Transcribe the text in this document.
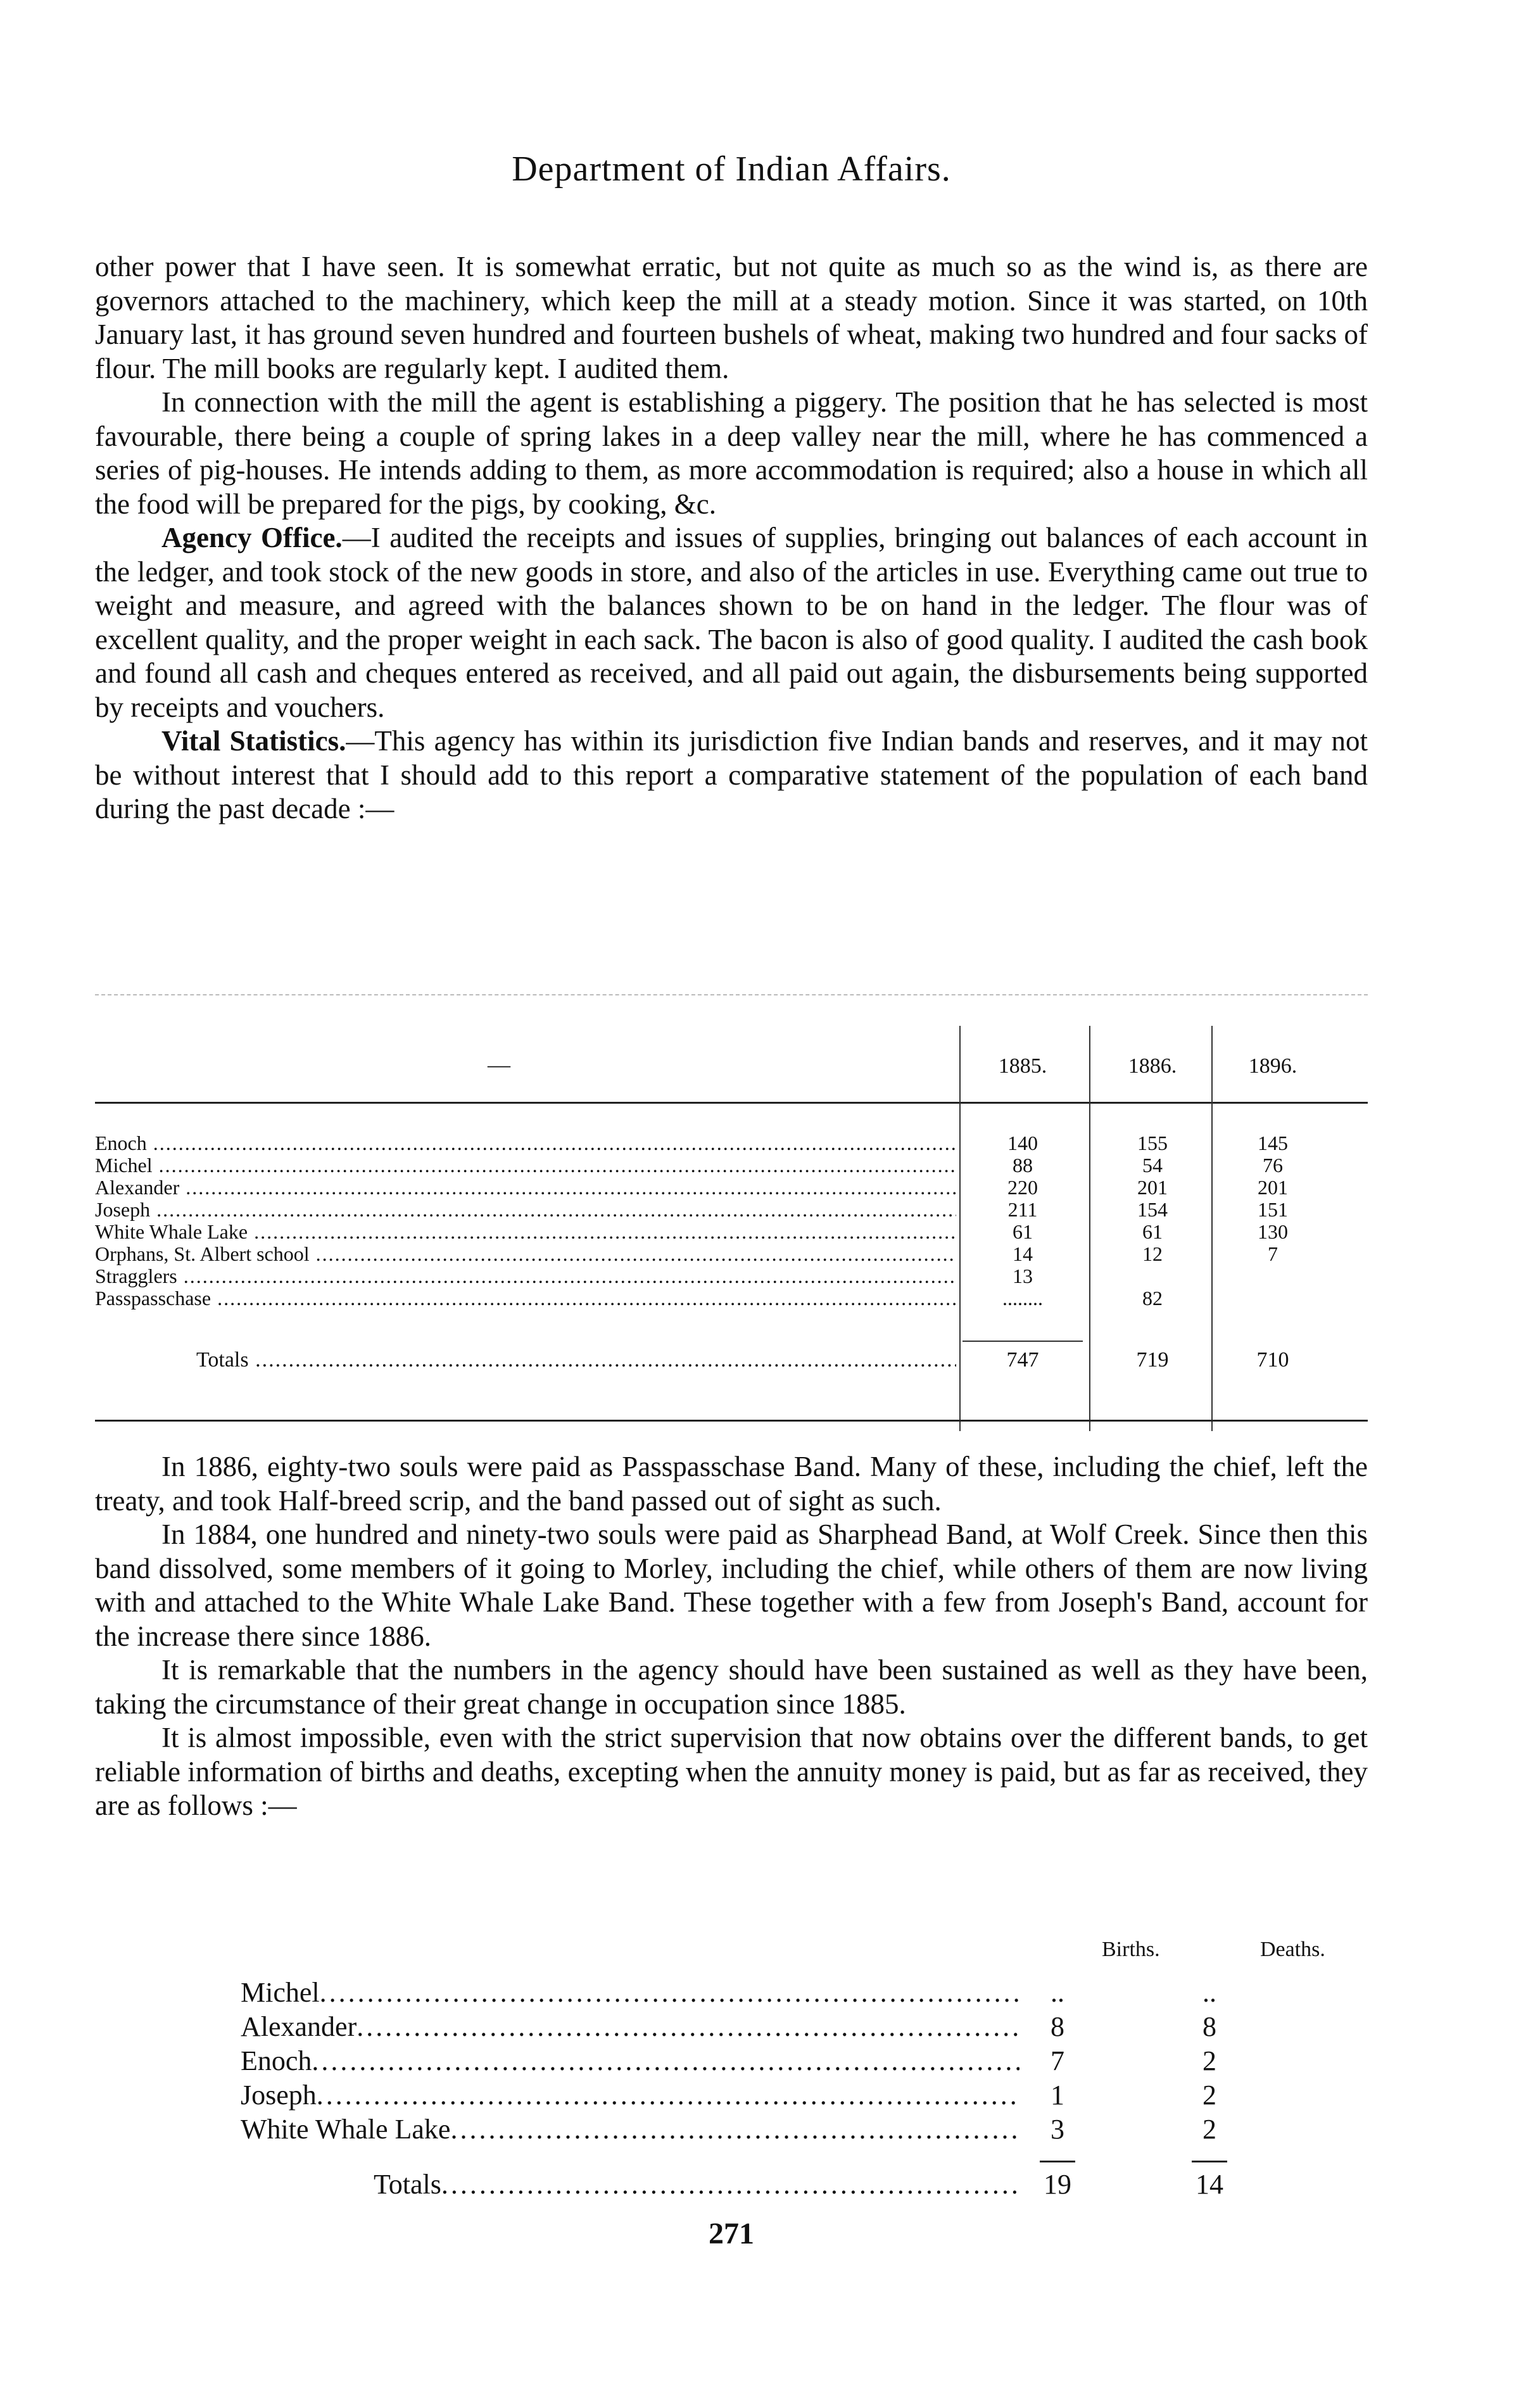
Department of Indian Affairs.

other power that I have seen. It is somewhat erratic, but not quite as much so as the wind is, as there are governors attached to the machinery, which keep the mill at a steady motion. Since it was started, on 10th January last, it has ground seven hundred and fourteen bushels of wheat, making two hundred and four sacks of flour. The mill books are regularly kept. I audited them.

In connection with the mill the agent is establishing a piggery. The position that he has selected is most favourable, there being a couple of spring lakes in a deep valley near the mill, where he has commenced a series of pig-houses. He intends adding to them, as more accommodation is required; also a house in which all the food will be prepared for the pigs, by cooking, &c.

Agency Office.—I audited the receipts and issues of supplies, bringing out balances of each account in the ledger, and took stock of the new goods in store, and also of the articles in use. Everything came out true to weight and measure, and agreed with the balances shown to be on hand in the ledger. The flour was of excellent quality, and the proper weight in each sack. The bacon is also of good quality. I audited the cash book and found all cash and cheques entered as received, and all paid out again, the disbursements being supported by receipts and vouchers.

Vital Statistics.—This agency has within its jurisdiction five Indian bands and reserves, and it may not be without interest that I should add to this report a comparative statement of the population of each band during the past decade :—

—	1885.	1886.	1896.
Enoch .....	140	155	145
Michel .....	88	54	76
Alexander .....	220	201	201
Joseph .....	211	154	151
White Whale Lake .....	61	61	130
Orphans, St. Albert school .....	14	12	7
Stragglers .....	13
Passpasschase .....	........	82
Totals .....	747	719	710

In 1886, eighty-two souls were paid as Passpasschase Band. Many of these, including the chief, left the treaty, and took Half-breed scrip, and the band passed out of sight as such.

In 1884, one hundred and ninety-two souls were paid as Sharphead Band, at Wolf Creek. Since then this band dissolved, some members of it going to Morley, including the chief, while others of them are now living with and attached to the White Whale Lake Band. These together with a few from Joseph's Band, account for the increase there since 1886.

It is remarkable that the numbers in the agency should have been sustained as well as they have been, taking the circumstance of their great change in occupation since 1885.

It is almost impossible, even with the strict supervision that now obtains over the different bands, to get reliable information of births and deaths, excepting when the annuity money is paid, but as far as received, they are as follows :—

Births.	Deaths.
Michel .....	..	..
Alexander .....	8	8
Enoch .....	7	2
Joseph .....	1	2
White Whale Lake .....	3	2
Totals .....	19	14
271
